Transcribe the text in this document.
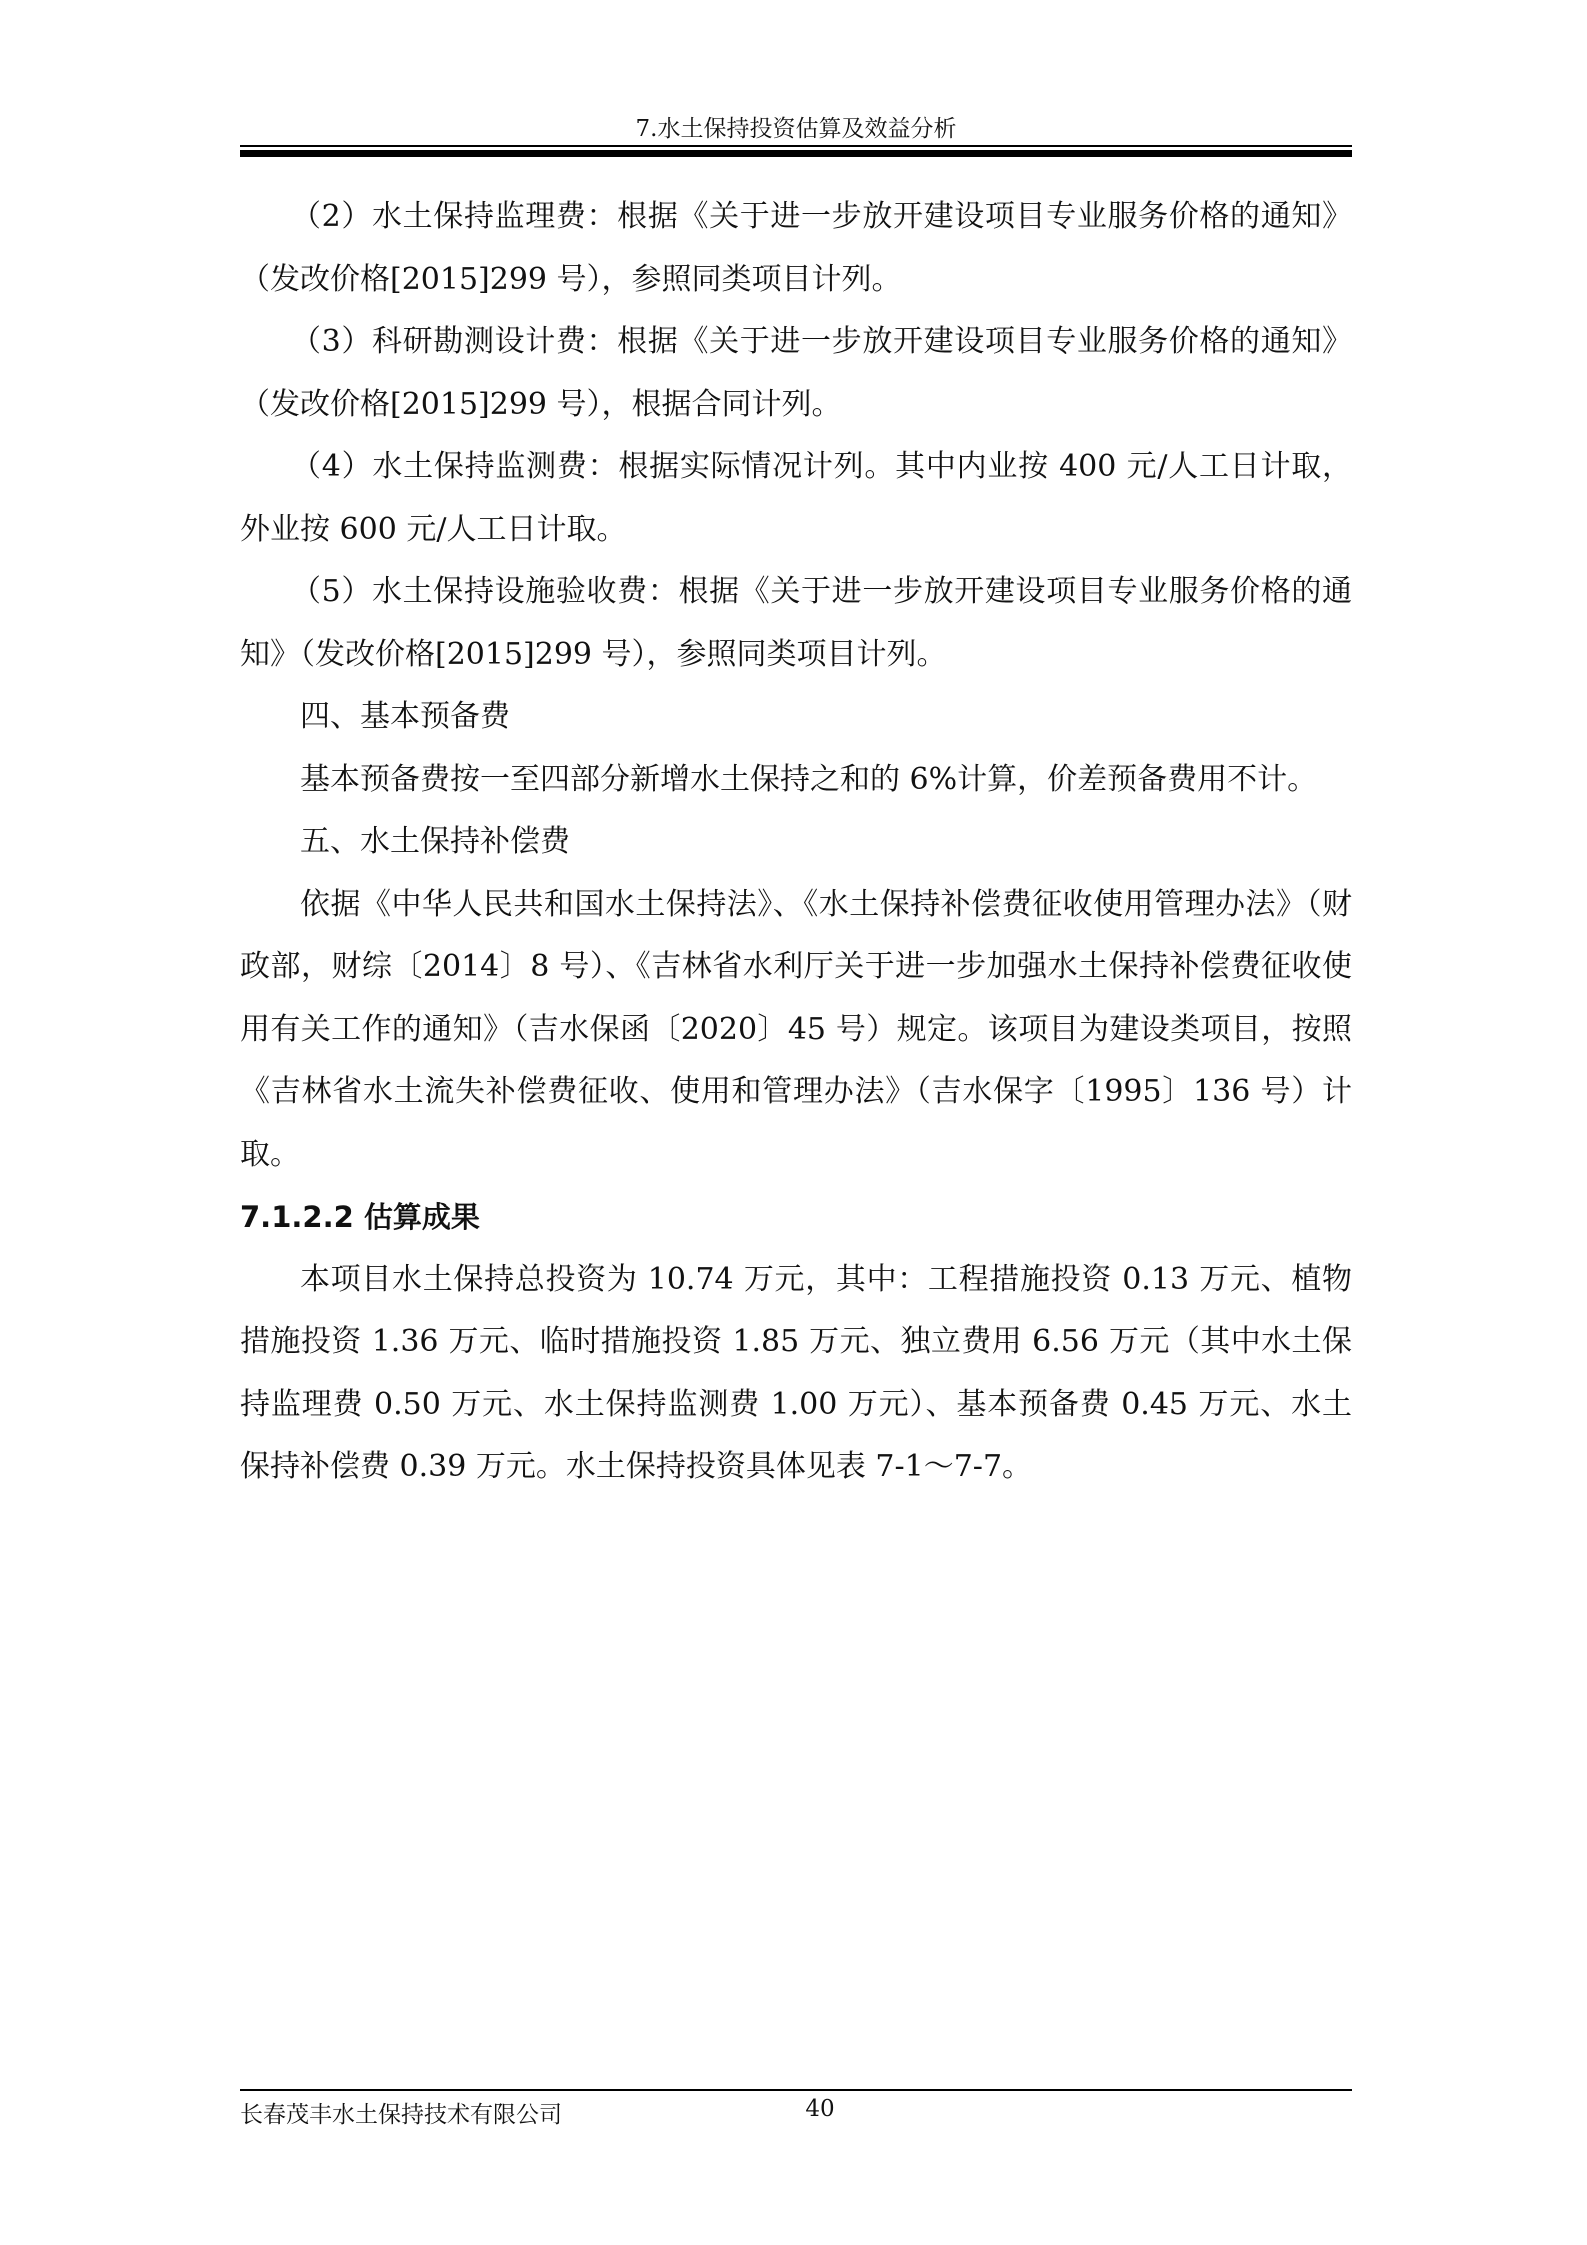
7.水土保持投资估算及效益分析

（2）水土保持监理费：根据《关于进一步放开建设项目专业服务价格的通知》（发改价格[2015]299 号），参照同类项目计列。

（3）科研勘测设计费：根据《关于进一步放开建设项目专业服务价格的通知》（发改价格[2015]299 号），根据合同计列。

（4）水土保持监测费：根据实际情况计列。其中内业按 400 元/人工日计取，外业按 600 元/人工日计取。

（5）水土保持设施验收费：根据《关于进一步放开建设项目专业服务价格的通知》（发改价格[2015]299 号），参照同类项目计列。

四、基本预备费

基本预备费按一至四部分新增水土保持之和的 6%计算，价差预备费用不计。

五、水土保持补偿费

依据《中华人民共和国水土保持法》、《水土保持补偿费征收使用管理办法》（财政部，财综〔2014〕8 号）、《吉林省水利厅关于进一步加强水土保持补偿费征收使用有关工作的通知》（吉水保函〔2020〕45 号）规定。该项目为建设类项目，按照《吉林省水土流失补偿费征收、使用和管理办法》（吉水保字〔1995〕136 号）计取。

7.1.2.2 估算成果

本项目水土保持总投资为 10.74 万元，其中：工程措施投资 0.13 万元、植物措施投资 1.36 万元、临时措施投资 1.85 万元、独立费用 6.56 万元（其中水土保持监理费 0.50 万元、水土保持监测费 1.00 万元）、基本预备费 0.45 万元、水土保持补偿费 0.39 万元。水土保持投资具体见表 7-1～7-7。

长春茂丰水土保持技术有限公司	40
